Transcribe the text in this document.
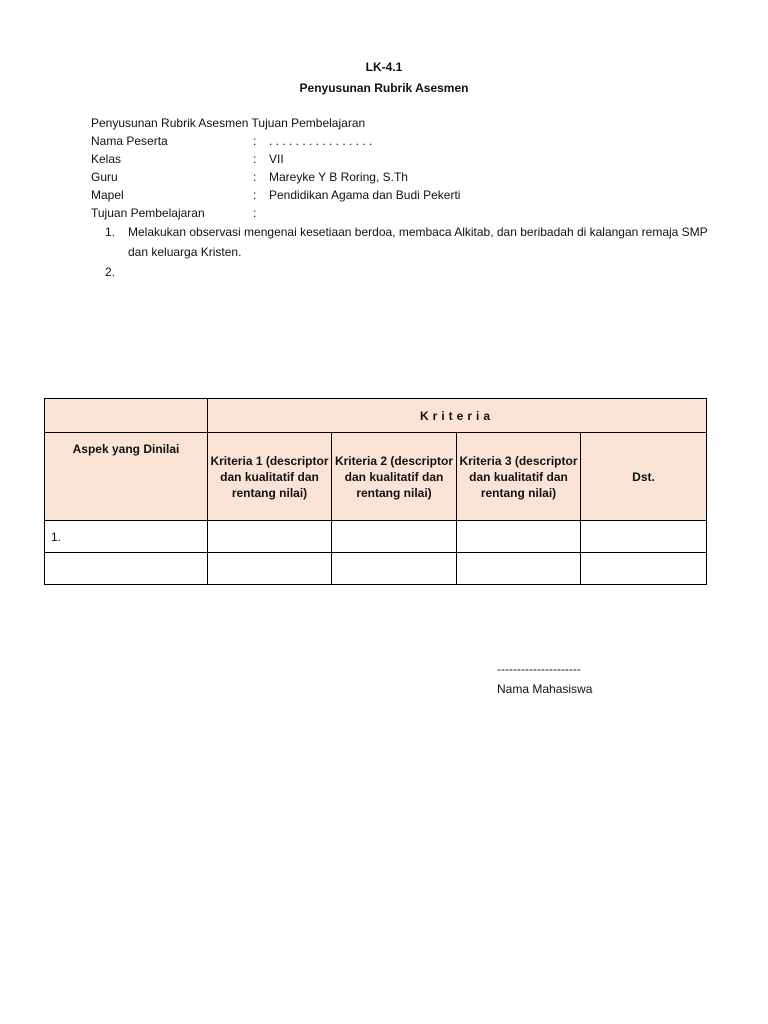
LK-4.1
Penyusunan Rubrik Asesmen
Penyusunan Rubrik Asesmen Tujuan Pembelajaran
Nama Peserta	: . . . . . . . . . . . . . . . .
Kelas	: VII
Guru	: Mareyke Y B Roring, S.Th
Mapel	: Pendidikan Agama dan Budi Pekerti
Tujuan Pembelajaran	:
1. Melakukan observasi mengenai kesetiaan berdoa, membaca Alkitab, dan beribadah di kalangan remaja SMP dan keluarga Kristen.
2.
	Kriteria			
Aspek yang Dinilai	Kriteria 1 (descriptor dan kualitatif dan rentang nilai)	Kriteria 2 (descriptor dan kualitatif dan rentang nilai)	Kriteria 3 (descriptor dan kualitatif dan rentang nilai)	Dst.
1.				

---------------------
Nama Mahasiswa
